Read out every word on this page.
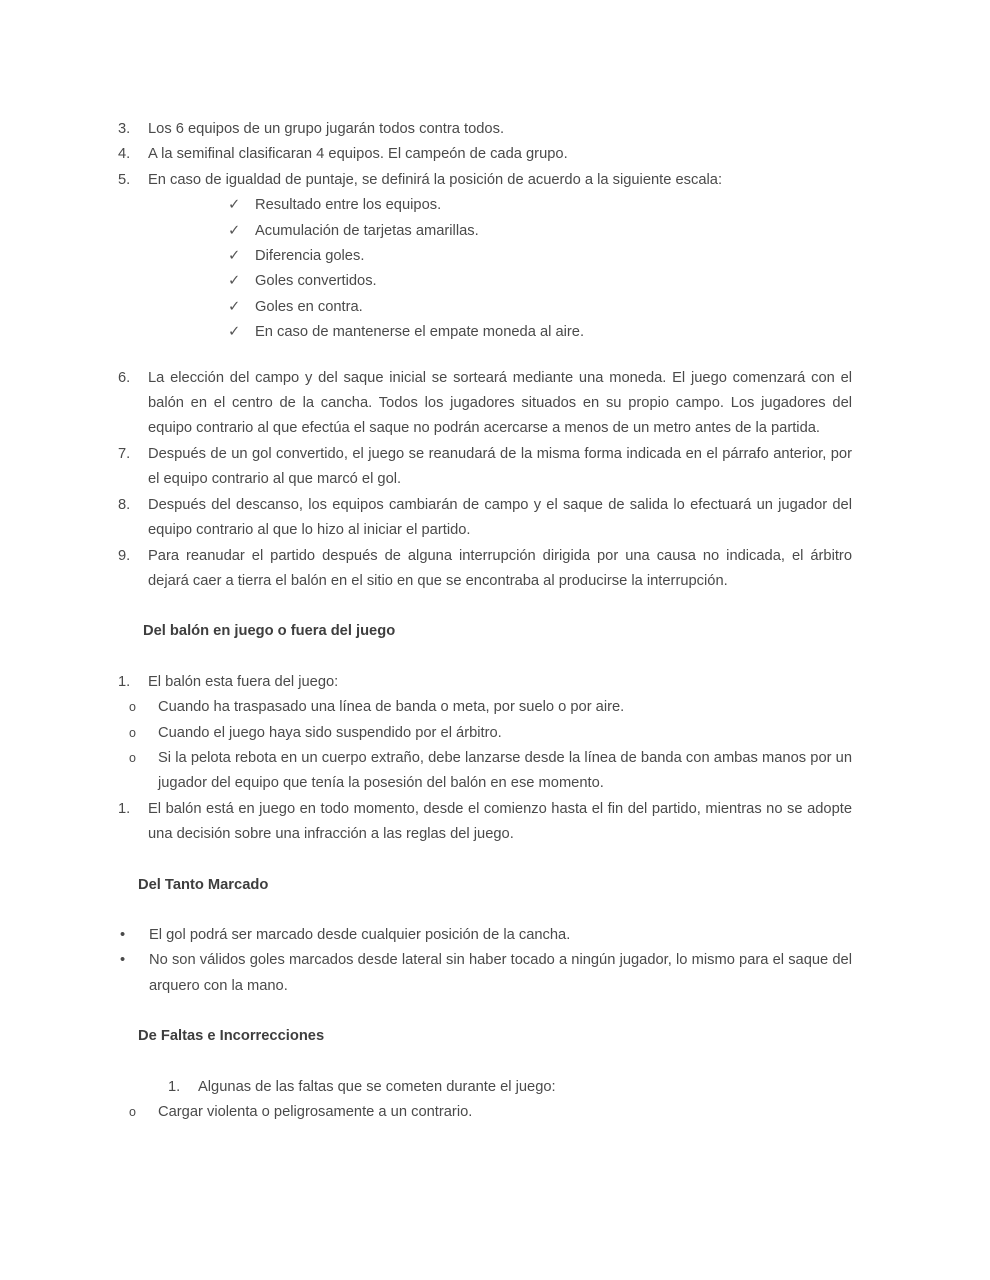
3.	Los 6 equipos de un grupo jugarán todos contra todos.
4.	A la semifinal clasificaran 4 equipos. El campeón de cada grupo.
5.	En caso de igualdad de puntaje, se definirá la posición de acuerdo a la siguiente escala:
✓ Resultado entre los equipos.
✓ Acumulación de tarjetas amarillas.
✓ Diferencia goles.
✓ Goles convertidos.
✓ Goles en contra.
✓ En caso de mantenerse el empate moneda al aire.
6.	La elección del campo y del saque inicial se sorteará mediante una moneda. El juego comenzará con el balón en el centro de la cancha. Todos los jugadores situados en su propio campo. Los jugadores del equipo contrario al que efectúa el saque no podrán acercarse a menos de un metro antes de la partida.
7.	Después de un gol convertido, el juego se reanudará de la misma forma indicada en el párrafo anterior, por el equipo contrario al que marcó el gol.
8.	Después del descanso, los equipos cambiarán de campo y el saque de salida lo efectuará un jugador del equipo contrario al que lo hizo al iniciar el partido.
9.	Para reanudar el partido después de alguna interrupción dirigida por una causa no indicada, el árbitro dejará caer a tierra el balón en el sitio en que se encontraba al producirse la interrupción.
Del balón en juego o fuera del juego
1.	El balón esta fuera del juego:
o	Cuando ha traspasado una línea de banda o meta, por suelo o por aire.
o	Cuando el juego haya sido suspendido por el árbitro.
o	Si la pelota rebota en un cuerpo extraño, debe lanzarse desde la línea de banda con ambas manos por un jugador del equipo que tenía la posesión del balón en ese momento.
1.	El balón está en juego en todo momento, desde el comienzo hasta el fin del partido, mientras no se adopte una decisión sobre una infracción a las reglas del juego.
Del Tanto Marcado
•	El gol podrá ser marcado desde cualquier posición de la cancha.
•	No son válidos goles marcados desde lateral sin haber tocado a ningún jugador, lo mismo para el saque del arquero con la mano.
De Faltas e Incorrecciones
1.	Algunas de las faltas que se cometen durante el juego:
o	Cargar violenta o peligrosamente a un contrario.
